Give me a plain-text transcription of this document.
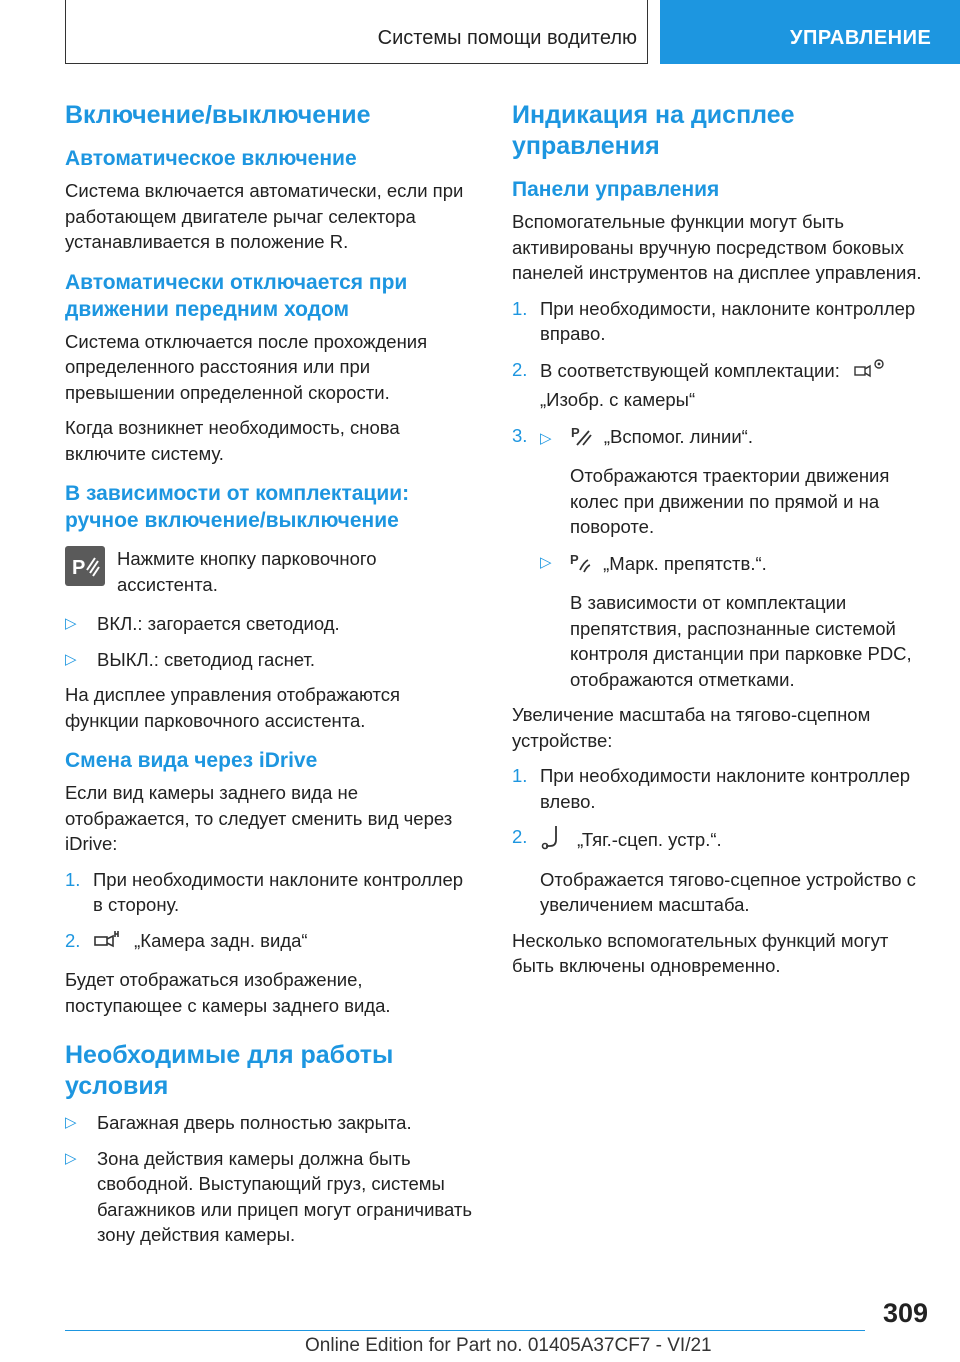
Системы помощи водителю	УПРАВЛЕНИЕ
Включение/выключение
Автоматическое включение

Система включается автоматически, если при работающем двигателе рычаг селектора устанавливается в положение R.

Автоматически отключается при движении передним ходом

Система отключается после прохождения определенного расстояния или при превышении определенной скорости.

Когда возникнет необходимость, снова включите систему.

В зависимости от комплектации: ручное включение/выключение
P Нажмите кнопку парковочного ассистента.

▷	ВКЛ.: загорается светодиод.
▷	ВЫКЛ.: светодиод гаснет.

На дисплее управления отображаются функции парковочного ассистента.

Смена вида через iDrive

Если вид камеры заднего вида не отображается, то следует сменить вид через iDrive:

1. При необходимости наклоните контроллер в сторону.
2.	„Камера задн. вида“

Будет отображаться изображение, поступающее с камеры заднего вида.

Необходимые для работы условия
▷	Багажная дверь полностью закрыта.
▷	Зона действия камеры должна быть свободной. Выступающий груз, системы багажников или прицеп могут ограничивать зону действия камеры.
Индикация на дисплее управления
Панели управления

Вспомогательные функции могут быть активированы вручную посредством боковых панелей инструментов на дисплее управления.

1. При необходимости, наклоните контроллер вправо.
2. В соответствующей комплектации:
„Изобр. с камеры“
3. ▷ P „Вспомог. линии“.

Отображаются траектории движения колес при движении по прямой и на повороте.

▷	P „Марк. препятств.“.

В зависимости от комплектации препятствия, распознанные системой контроля дистанции при парковке PDC, отображаются отметками.

Увеличение масштаба на тягово-сцепном устройстве:

1. При необходимости наклоните контроллер влево.
2.	„Тяг.-сцеп. устр.“.

Отображается тягово-сцепное устройство с увеличением масштаба.

Несколько вспомогательных функций могут быть включены одновременно.

309
Online Edition for Part no. 01405A37CF7 - VI/21
